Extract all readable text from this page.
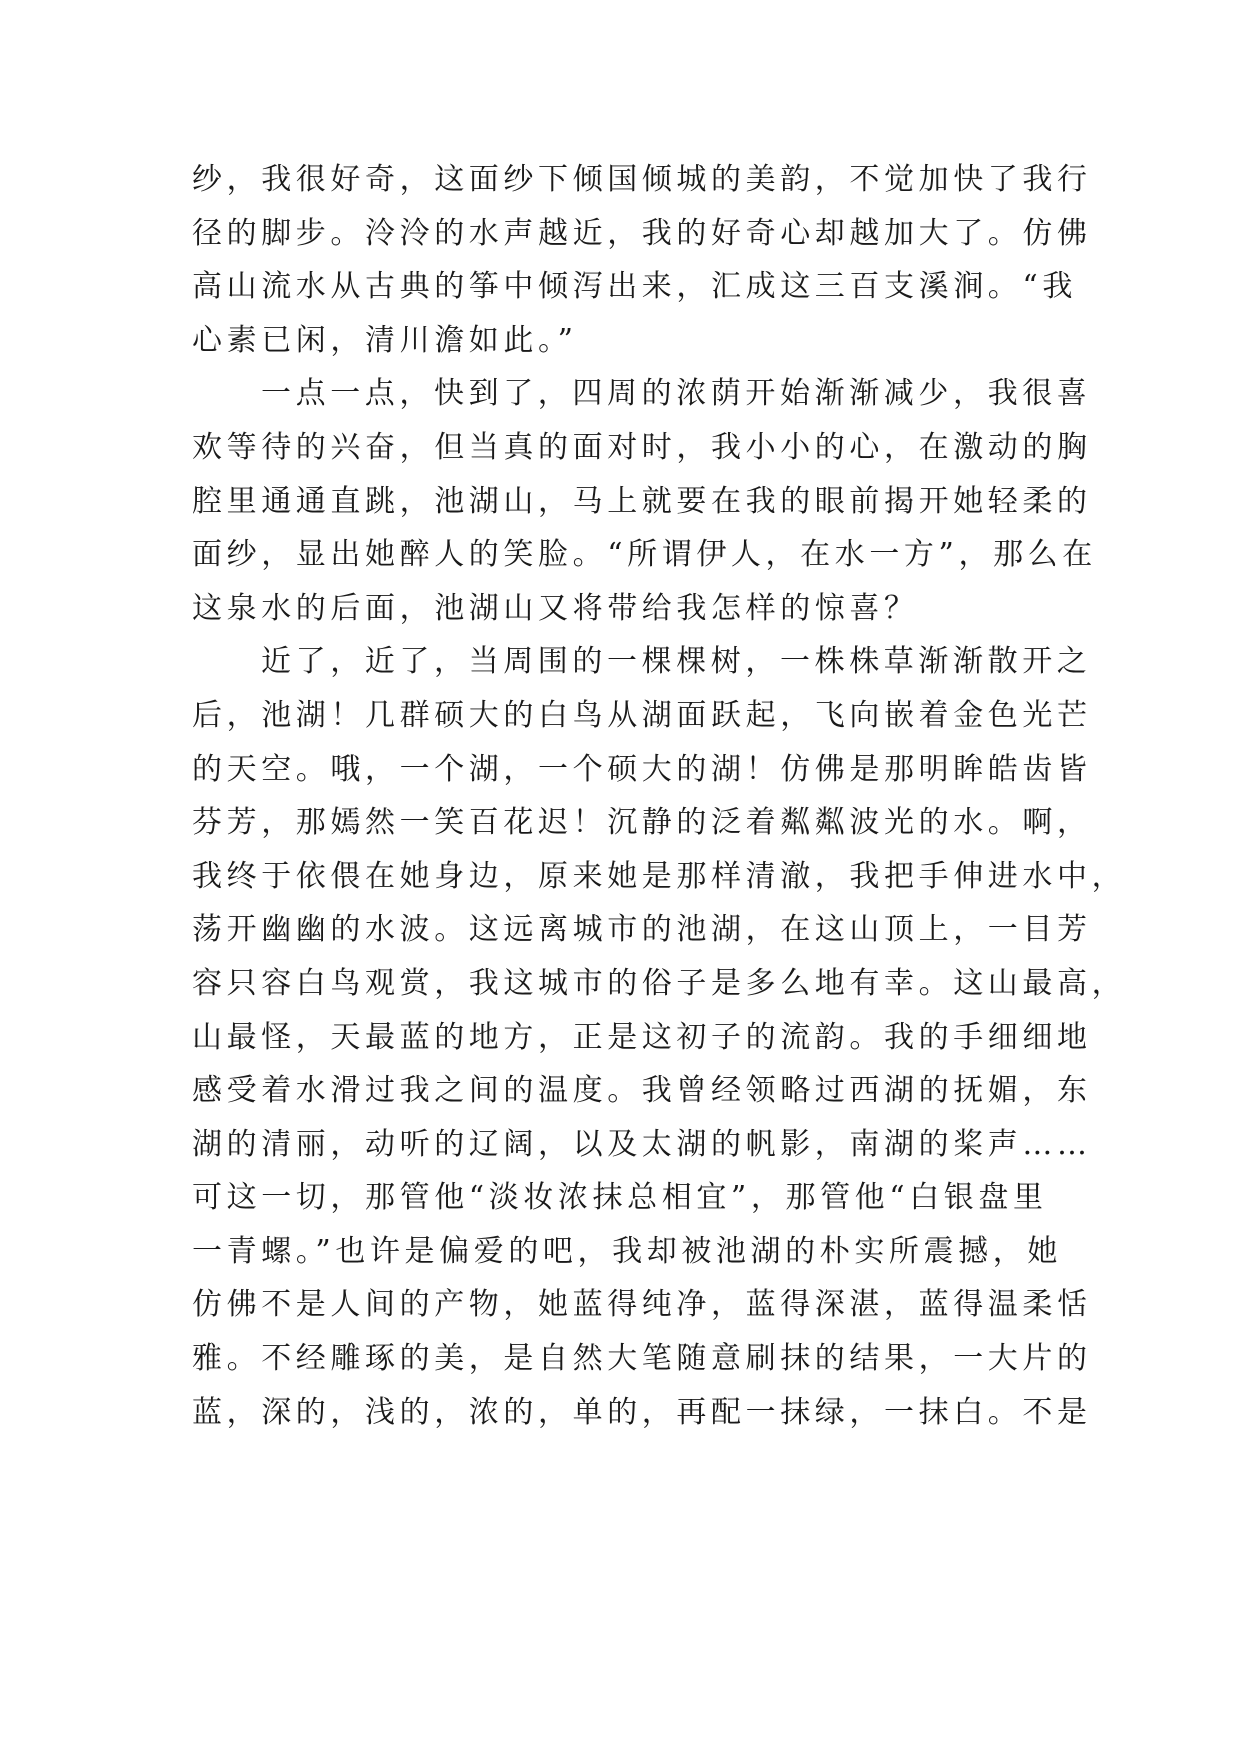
纱，我很好奇，这面纱下倾国倾城的美韵，不觉加快了我行
径的脚步。泠泠的水声越近，我的好奇心却越加大了。仿佛
高山流水从古典的筝中倾泻出来，汇成这三百支溪涧。“我
心素已闲，清川澹如此。”
一点一点，快到了，四周的浓荫开始渐渐减少，我很喜
欢等待的兴奋，但当真的面对时，我小小的心，在激动的胸
腔里通通直跳，池湖山，马上就要在我的眼前揭开她轻柔的
面纱，显出她醉人的笑脸。“所谓伊人，在水一方”，那么在
这泉水的后面，池湖山又将带给我怎样的惊喜？
近了，近了，当周围的一棵棵树，一株株草渐渐散开之
后，池湖！几群硕大的白鸟从湖面跃起，飞向嵌着金色光芒
的天空。哦，一个湖，一个硕大的湖！仿佛是那明眸皓齿皆
芬芳，那嫣然一笑百花迟！沉静的泛着粼粼波光的水。啊，
我终于依偎在她身边，原来她是那样清澈，我把手伸进水中，
荡开幽幽的水波。这远离城市的池湖，在这山顶上，一目芳
容只容白鸟观赏，我这城市的俗子是多么地有幸。这山最高，
山最怪，天最蓝的地方，正是这初子的流韵。我的手细细地
感受着水滑过我之间的温度。我曾经领略过西湖的抚媚，东
湖的清丽，动听的辽阔，以及太湖的帆影，南湖的桨声……
可这一切，那管他“淡妆浓抹总相宜”，那管他“白银盘里
一青螺。”也许是偏爱的吧，我却被池湖的朴实所震撼，她
仿佛不是人间的产物，她蓝得纯净，蓝得深湛，蓝得温柔恬
雅。不经雕琢的美，是自然大笔随意刷抹的结果，一大片的
蓝，深的，浅的，浓的，单的，再配一抹绿，一抹白。不是
